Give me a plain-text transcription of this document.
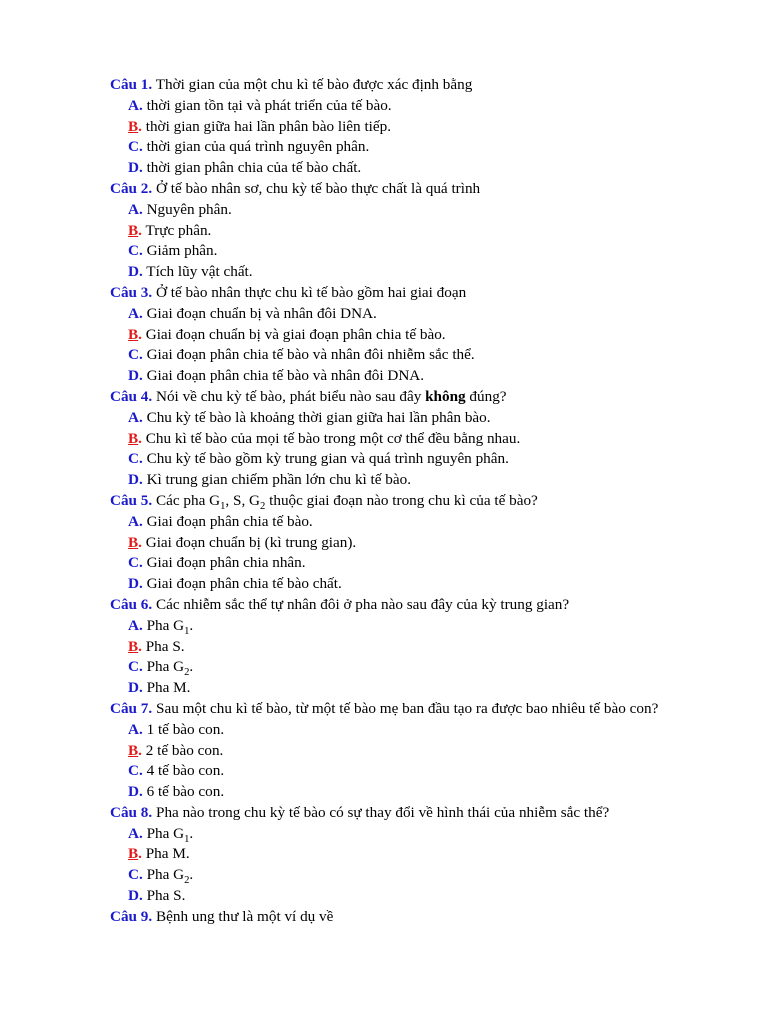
Câu 1. Thời gian của một chu kì tế bào được xác định bằng

A. thời gian tồn tại và phát triển của tế bào.

B. thời gian giữa hai lần phân bào liên tiếp.

C. thời gian của quá trình nguyên phân.

D. thời gian phân chia của tế bào chất.

Câu 2. Ở tế bào nhân sơ, chu kỳ tế bào thực chất là quá trình

A. Nguyên phân.

B. Trực phân.

C. Giảm phân.

D. Tích lũy vật chất.

Câu 3. Ở tế bào nhân thực chu kì tế bào gồm hai giai đoạn

A. Giai đoạn chuẩn bị và nhân đôi DNA.

B. Giai đoạn chuẩn bị và giai đoạn phân chia tế bào.

C. Giai đoạn phân chia tế bào và nhân đôi nhiễm sắc thể.

D. Giai đoạn phân chia tế bào và nhân đôi DNA.

Câu 4. Nói về chu kỳ tế bào, phát biểu nào sau đây không đúng?

A. Chu kỳ tế bào là khoảng thời gian giữa hai lần phân bào.

B. Chu kì tế bào của mọi tế bào trong một cơ thể đều bằng nhau.

C. Chu kỳ tế bào gồm kỳ trung gian và quá trình nguyên phân.

D. Kì trung gian chiếm phần lớn chu kì tế bào.

Câu 5. Các pha $G_1$, S, $G_2$ thuộc giai đoạn nào trong chu kì của tế bào?

A. Giai đoạn phân chia tế bào.

B. Giai đoạn chuẩn bị (kì trung gian).

C. Giai đoạn phân chia nhân.

D. Giai đoạn phân chia tế bào chất.

Câu 6. Các nhiễm sắc thể tự nhân đôi ở pha nào sau đây của kỳ trung gian?

A. Pha $G_1$.

B. Pha S.

C. Pha $G_2$.

D. Pha M.

Câu 7. Sau một chu kì tế bào, từ một tế bào mẹ ban đầu tạo ra được bao nhiêu tế bào con?

A. 1 tế bào con.

B. 2 tế bào con.

C. 4 tế bào con.

D. 6 tế bào con.

Câu 8. Pha nào trong chu kỳ tế bào có sự thay đổi về hình thái của nhiễm sắc thể?

A. Pha $G_1$.

B. Pha M.

C. Pha $G_2$.

D. Pha S.

Câu 9. Bệnh ung thư là một ví dụ về
